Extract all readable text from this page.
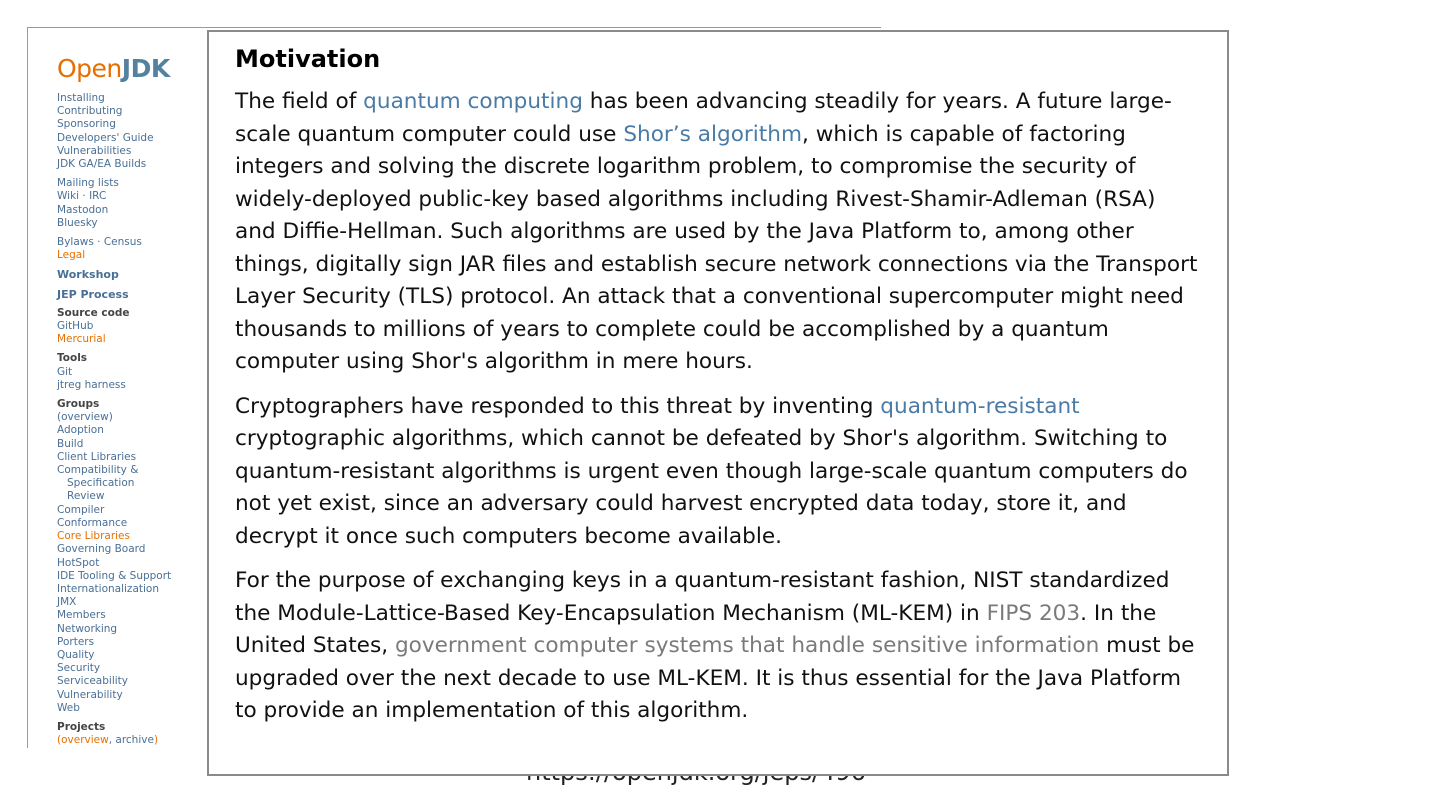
OpenJDK
Installing
Contributing
Sponsoring
Developers' Guide
Vulnerabilities
JDK GA/EA Builds
Mailing lists
Wiki · IRC
Mastodon
Bluesky
Bylaws · Census
Legal
Workshop
JEP Process
Source code
GitHub
Mercurial
Tools
Git
jtreg harness
Groups
(overview)
Adoption
Build
Client Libraries
Compatibility &
Specification
Review
Compiler
Conformance
Core Libraries
Governing Board
HotSpot
IDE Tooling & Support
Internationalization
JMX
Members
Networking
Porters
Quality
Security
Serviceability
Vulnerability
Web
Projects
(overview, archive)
Motivation

The field of quantum computing has been advancing steadily for years. A future large-scale quantum computer could use Shor’s algorithm, which is capable of factoring integers and solving the discrete logarithm problem, to compromise the security of widely-deployed public-key based algorithms including Rivest-Shamir-Adleman (RSA) and Diffie-Hellman. Such algorithms are used by the Java Platform to, among other things, digitally sign JAR files and establish secure network connections via the Transport Layer Security (TLS) protocol. An attack that a conventional supercomputer might need thousands to millions of years to complete could be accomplished by a quantum computer using Shor's algorithm in mere hours.

Cryptographers have responded to this threat by inventing quantum-resistant cryptographic algorithms, which cannot be defeated by Shor's algorithm. Switching to quantum-resistant algorithms is urgent even though large-scale quantum computers do not yet exist, since an adversary could harvest encrypted data today, store it, and decrypt it once such computers become available.

For the purpose of exchanging keys in a quantum-resistant fashion, NIST standardized the Module-Lattice-Based Key-Encapsulation Mechanism (ML-KEM) in FIPS 203. In the United States, government computer systems that handle sensitive information must be upgraded over the next decade to use ML-KEM. It is thus essential for the Java Platform to provide an implementation of this algorithm.
